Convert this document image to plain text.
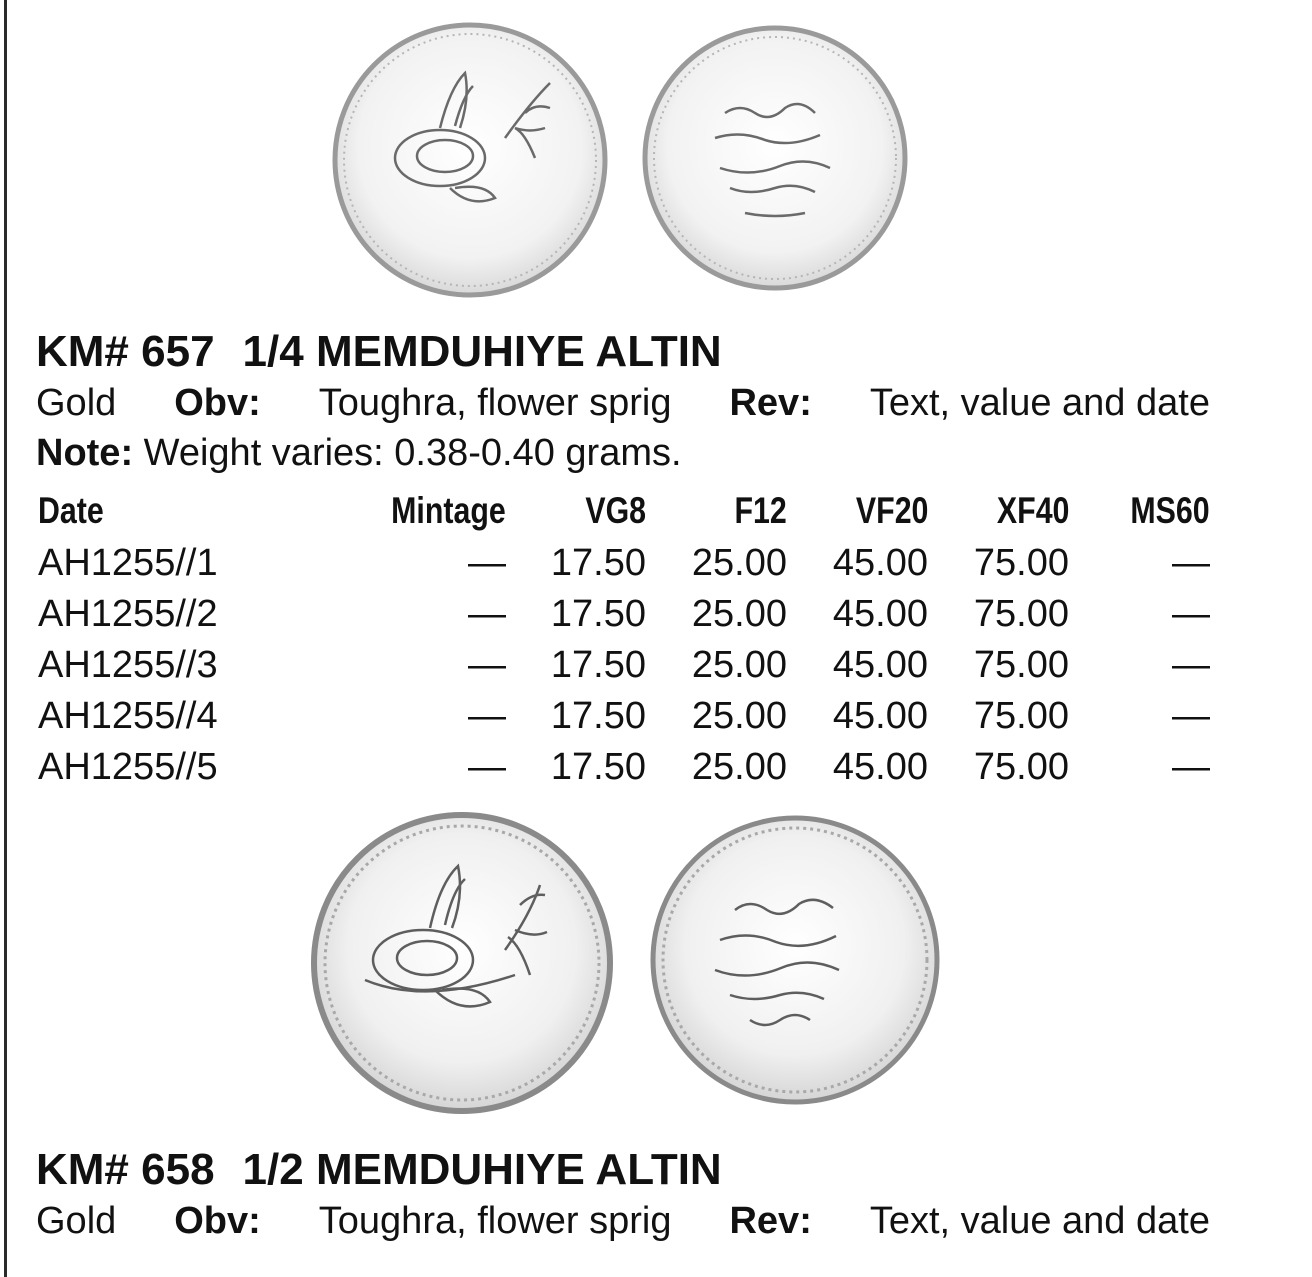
KM# 657 1/4 MEMDUHIYE ALTIN
Gold Obv: Toughra, flower sprig Rev: Text, value and date
Note: Weight varies: 0.38-0.40 grams.
Date	Mintage VG8 F12 VF20 XF40 MS60
AH1255//1	— 17.50 25.00 45.00 75.00	—
AH1255//2	— 17.50 25.00 45.00 75.00	—
AH1255//3	— 17.50 25.00 45.00 75.00	—
AH1255//4	— 17.50 25.00 45.00 75.00	—
AH1255//5	— 17.50 25.00 45.00 75.00	—
KM# 658 1/2 MEMDUHIYE ALTIN
Gold Obv: Toughra, flower sprig Rev: Text, value and date
